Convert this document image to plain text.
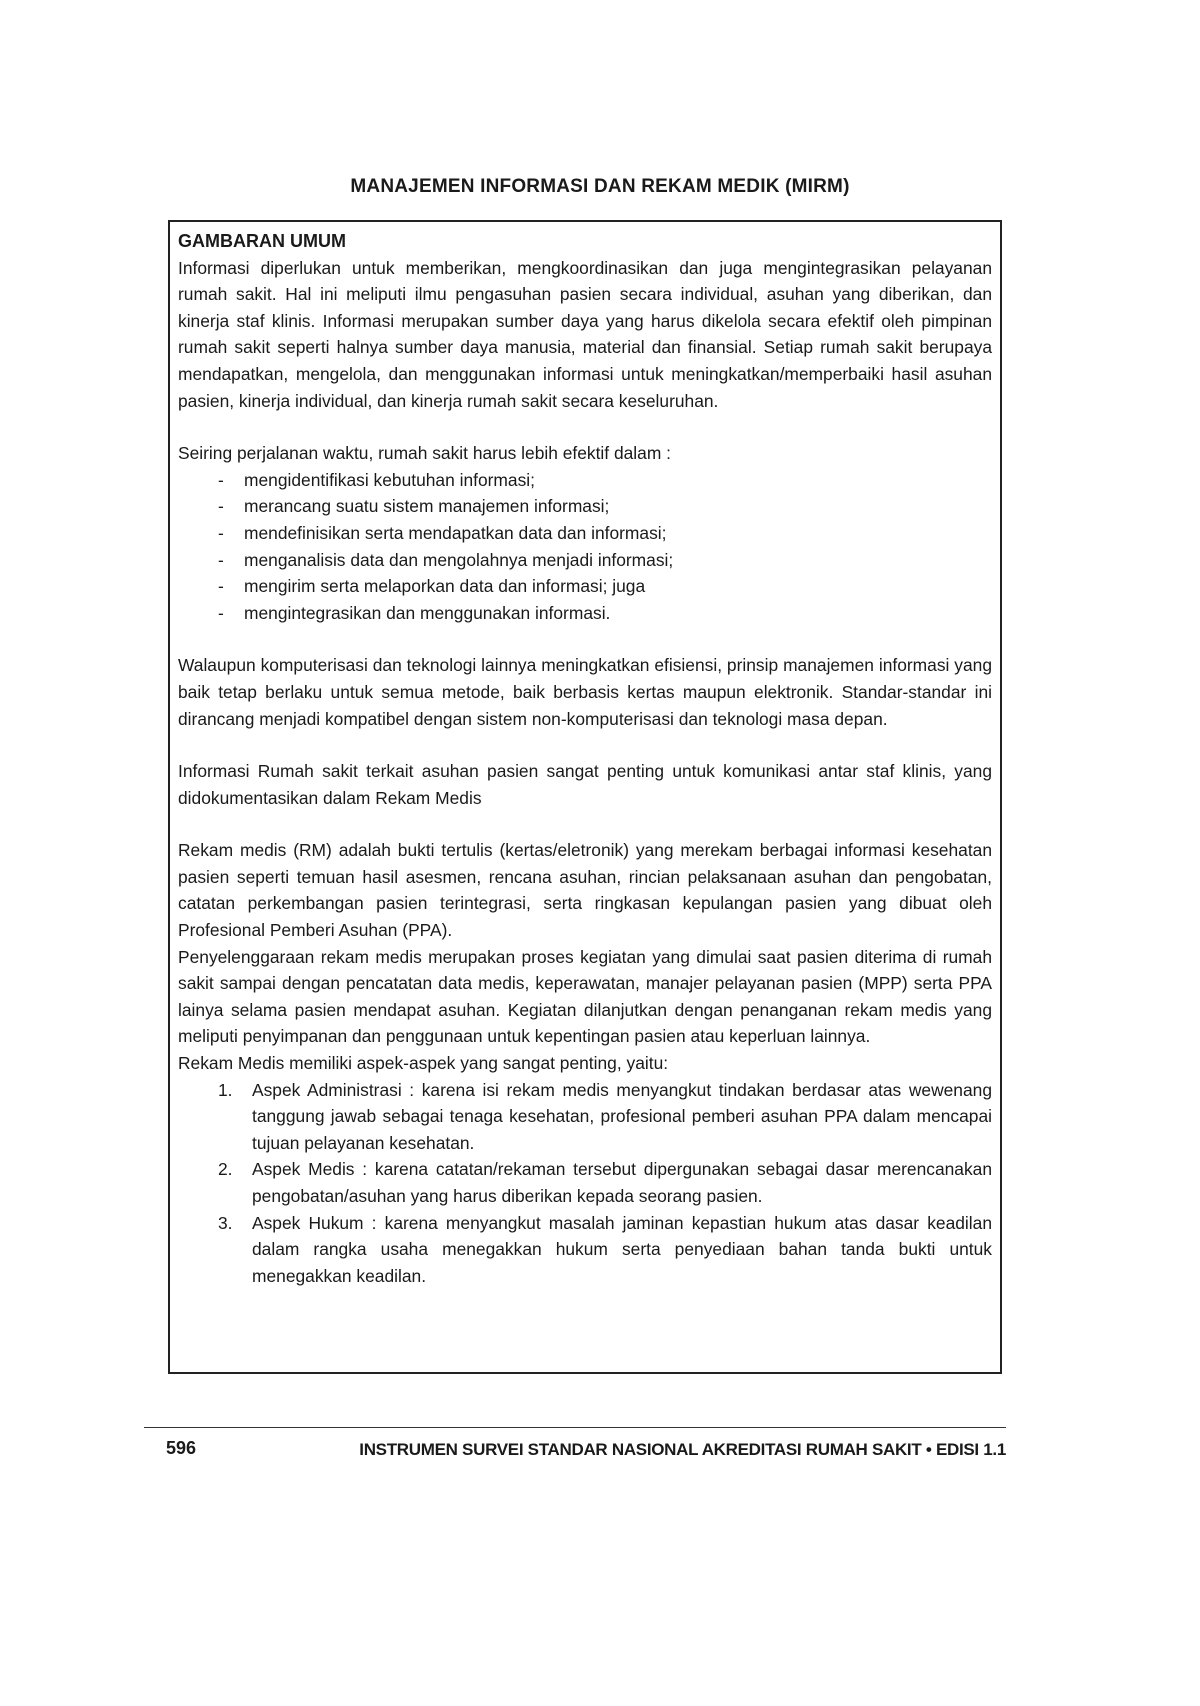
MANAJEMEN INFORMASI DAN REKAM MEDIK (MIRM)
GAMBARAN UMUM

Informasi diperlukan untuk memberikan, mengkoordinasikan dan juga mengintegrasikan pelayanan rumah sakit. Hal ini meliputi ilmu pengasuhan pasien secara individual, asuhan yang diberikan, dan kinerja staf klinis. Informasi merupakan sumber daya yang harus dikelola secara efektif oleh pimpinan rumah sakit seperti halnya sumber daya manusia, material dan finansial. Setiap rumah sakit berupaya mendapatkan, mengelola, dan menggunakan informasi untuk meningkatkan/memperbaiki hasil asuhan pasien, kinerja individual, dan kinerja rumah sakit secara keseluruhan.

Seiring perjalanan waktu, rumah sakit harus lebih efektif dalam :

- mengidentifikasi kebutuhan informasi;
- merancang suatu sistem manajemen informasi;
- mendefinisikan serta mendapatkan data dan informasi;
- menganalisis data dan mengolahnya menjadi informasi;
- mengirim serta melaporkan data dan informasi; juga
- mengintegrasikan dan menggunakan informasi.

Walaupun komputerisasi dan teknologi lainnya meningkatkan efisiensi, prinsip manajemen informasi yang baik tetap berlaku untuk semua metode, baik berbasis kertas maupun elektronik. Standar-standar ini dirancang menjadi kompatibel dengan sistem non-komputerisasi dan teknologi masa depan.

Informasi Rumah sakit terkait asuhan pasien sangat penting untuk komunikasi antar staf klinis, yang didokumentasikan dalam Rekam Medis

Rekam medis (RM) adalah bukti tertulis (kertas/eletronik) yang merekam berbagai informasi kesehatan pasien seperti temuan hasil asesmen, rencana asuhan, rincian pelaksanaan asuhan dan pengobatan, catatan perkembangan pasien terintegrasi, serta ringkasan kepulangan pasien yang dibuat oleh Profesional Pemberi Asuhan (PPA).

Penyelenggaraan rekam medis merupakan proses kegiatan yang dimulai saat pasien diterima di rumah sakit sampai dengan pencatatan data medis, keperawatan, manajer pelayanan pasien (MPP) serta PPA lainya selama pasien mendapat asuhan. Kegiatan dilanjutkan dengan penanganan rekam medis yang meliputi penyimpanan dan penggunaan untuk kepentingan pasien atau keperluan lainnya.

Rekam Medis memiliki aspek-aspek yang sangat penting, yaitu:

1. Aspek Administrasi : karena isi rekam medis menyangkut tindakan berdasar atas wewenang tanggung jawab sebagai tenaga kesehatan, profesional pemberi asuhan PPA dalam mencapai tujuan pelayanan kesehatan.
2. Aspek Medis : karena catatan/rekaman tersebut dipergunakan sebagai dasar merencanakan pengobatan/asuhan yang harus diberikan kepada seorang pasien.
3. Aspek Hukum : karena menyangkut masalah jaminan kepastian hukum atas dasar keadilan dalam rangka usaha menegakkan hukum serta penyediaan bahan tanda bukti untuk menegakkan keadilan.
596	INSTRUMEN SURVEI STANDAR NASIONAL AKREDITASI RUMAH SAKIT • EDISI 1.1
